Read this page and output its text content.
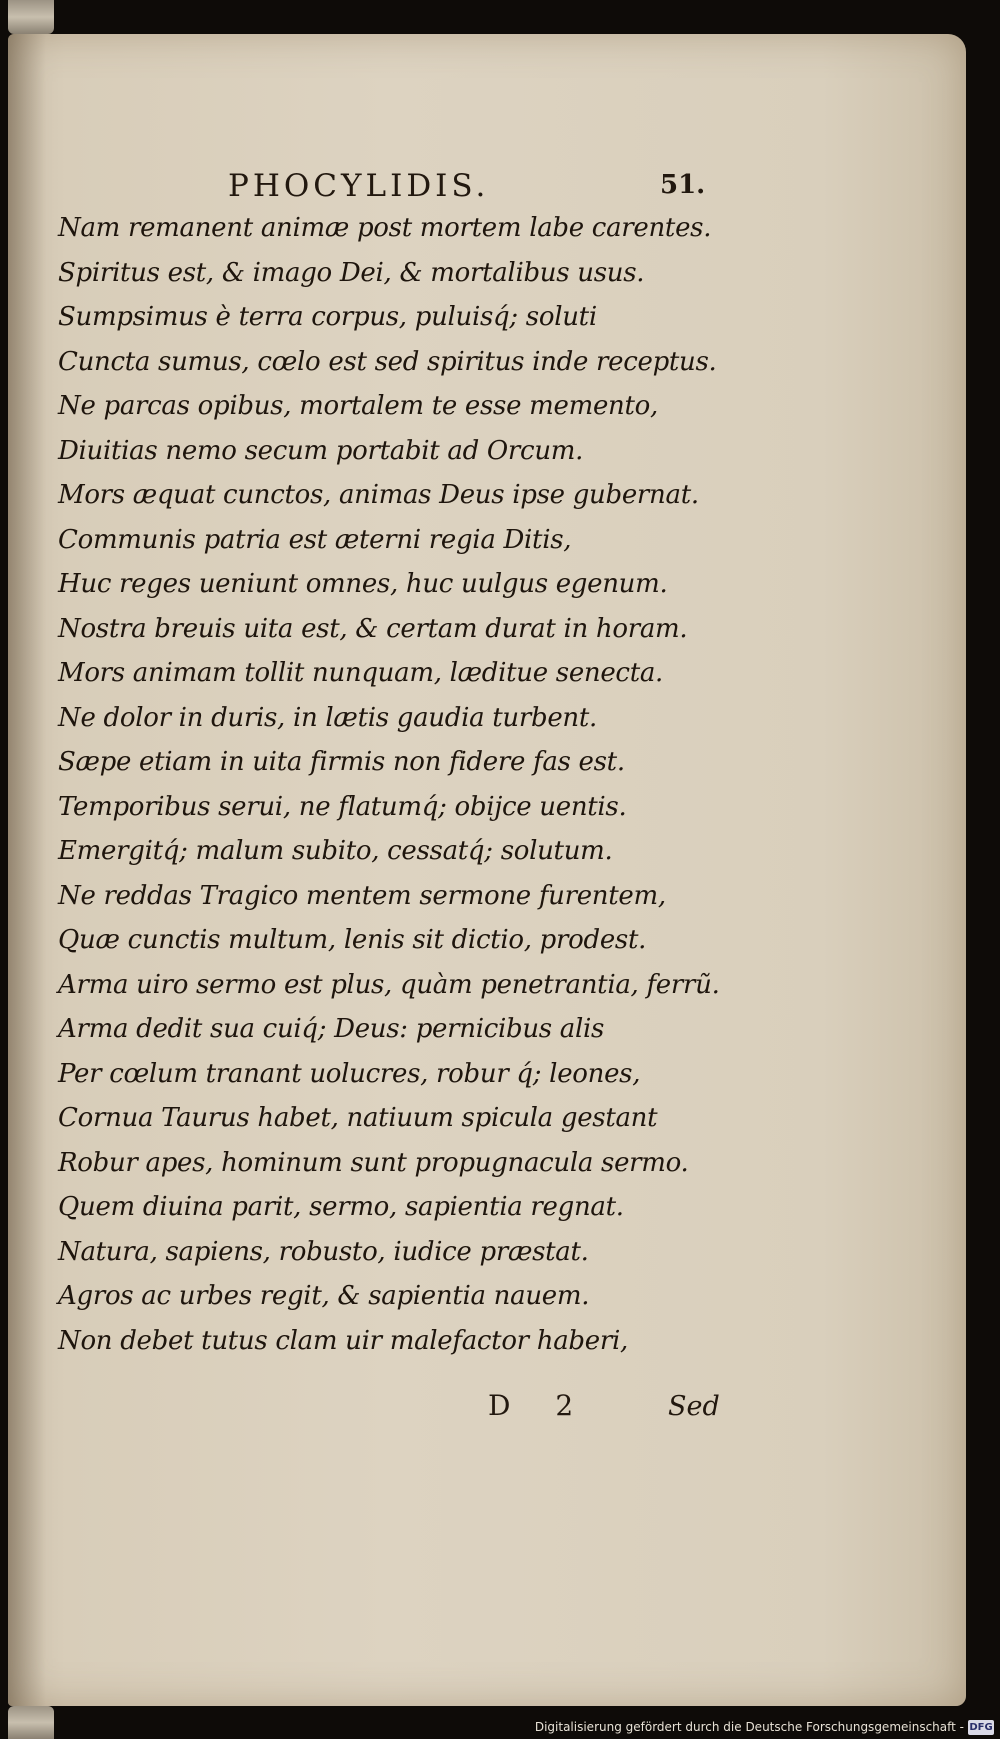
PHOCYLIDIS.	51.
Nam remanent animæ post mortem labe carentes.
Spiritus est, & imago Dei, & mortalibus usus.
Sumpsimus è terra corpus, puluisq́; soluti
Cuncta sumus, cœlo est sed spiritus inde receptus.
Ne parcas opibus, mortalem te esse memento,
Diuitias nemo secum portabit ad Orcum.
Mors æquat cunctos, animas Deus ipse gubernat.
Communis patria est æterni regia Ditis,
Huc reges ueniunt omnes, huc uulgus egenum.
Nostra breuis uita est, & certam durat in horam.
Mors animam tollit nunquam, læditue senecta.
Ne dolor in duris, in lætis gaudia turbent.
Sæpe etiam in uita firmis non fidere fas est.
Temporibus serui, ne flatumq́; obijce uentis.
Emergitq́; malum subito, cessatq́; solutum.
Ne reddas Tragico mentem sermone furentem,
Quæ cunctis multum, lenis sit dictio, prodest.
Arma uiro sermo est plus, quàm penetrantia, ferrũ.
Arma dedit sua cuiq́; Deus: pernicibus alis
Per cœlum tranant uolucres, robur q́; leones,
Cornua Taurus habet, natiuum spicula gestant
Robur apes, hominum sunt propugnacula sermo.
Quem diuina parit, sermo, sapientia regnat.
Natura, sapiens, robusto, iudice præstat.
Agros ac urbes regit, & sapientia nauem.
Non debet tutus clam uir malefactor haberi,
D 2	Sed
Digitalisierung gefördert durch die Deutsche Forschungsgemeinschaft - DFG
